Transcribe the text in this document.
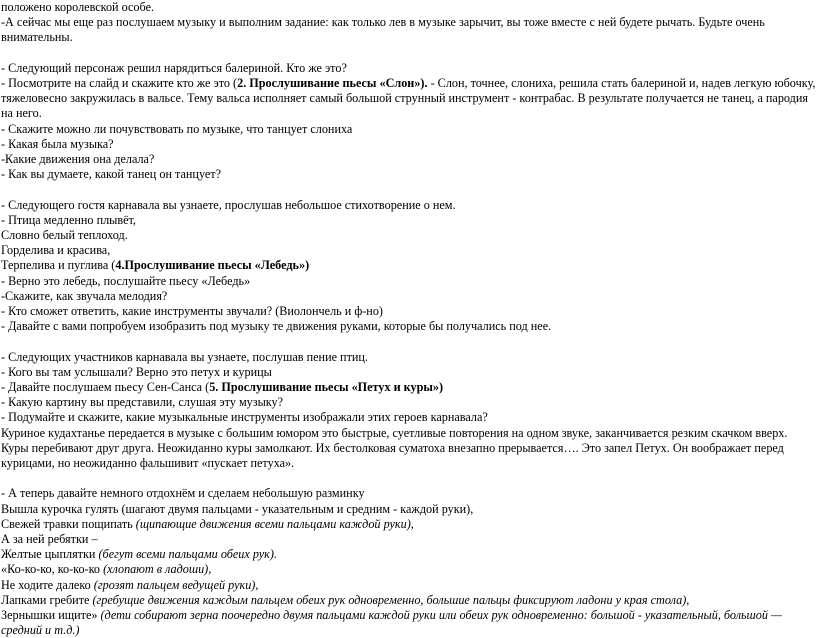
положено королевской особе.

-А сейчас мы еще раз послушаем музыку и выполним задание: как только лев в музыке зарычит, вы тоже вместе с ней будете рычать. Будьте очень внимательны.

- Следующий персонаж решил нарядиться балериной. Кто же это?

- Посмотрите на слайд и скажите кто же это (2. Прослушивание пьесы «Слон»). - Слон, точнее, слониха, решила стать балериной и, надев легкую юбочку, тяжеловесно закружилась в вальсе. Тему вальса исполняет самый большой струнный инструмент - контрабас. В результате получается не танец, а пародия на него.

- Скажите можно ли почувствовать по музыке, что танцует слониха

- Какая была музыка?

-Какие движения она делала?

- Как вы думаете, какой танец он танцует?

- Следующего гостя карнавала вы узнаете, прослушав небольшое стихотворение о нем.

- Птица медленно плывёт,

Словно белый теплоход.

Горделива и красива,

Терпелива и пуглива (4.Прослушивание пьесы «Лебедь»)

- Верно это лебедь, послушайте пьесу «Лебедь»

-Скажите, как звучала мелодия?

- Кто сможет ответить, какие инструменты звучали? (Виолончель и ф-но)

- Давайте с вами попробуем изобразить под музыку те движения руками, которые бы получались под нее.

- Следующих участников карнавала вы узнаете, послушав пение птиц.

- Кого вы там услышали? Верно это петух и курицы

- Давайте послушаем пьесу Сен-Санса (5. Прослушивание пьесы «Петух и куры»)

- Какую картину вы представили, слушая эту музыку?

- Подумайте и скажите, какие музыкальные инструменты изображали этих героев карнавала?

Куриное кудахтанье передается в музыке с большим юмором это быстрые, суетливые повторения на одном звуке, заканчивается резким скачком вверх. Куры перебивают друг друга. Неожиданно куры замолкают. Их бестолковая суматоха внезапно прерывается…. Это запел Петух. Он воображает перед курицами, но неожиданно фальшивит «пускает петуха».

- А теперь давайте немного отдохнём и сделаем небольшую разминку

Вышла курочка гулять (шагают двумя пальцами - указательным и средним - каждой руки),

Свежей травки пощипать (щипающие движения всеми пальцами каждой руки),

А за ней ребятки –

Желтые цыплятки (бегут всеми пальцами обеих рук).

«Ко-ко-ко, ко-ко-ко (хлопают в ладоши),

Не ходите далеко (грозят пальцем ведущей руки),

Лапками гребите (гребущие движения каждым пальцем обеих рук одновременно, большие пальцы фиксируют ладони у края стола),

Зернышки ищите» (дети собирают зерна поочередно двумя пальцами каждой руки или обеих рук одновременно: большой - указательный, большой — средний и т.д.)
